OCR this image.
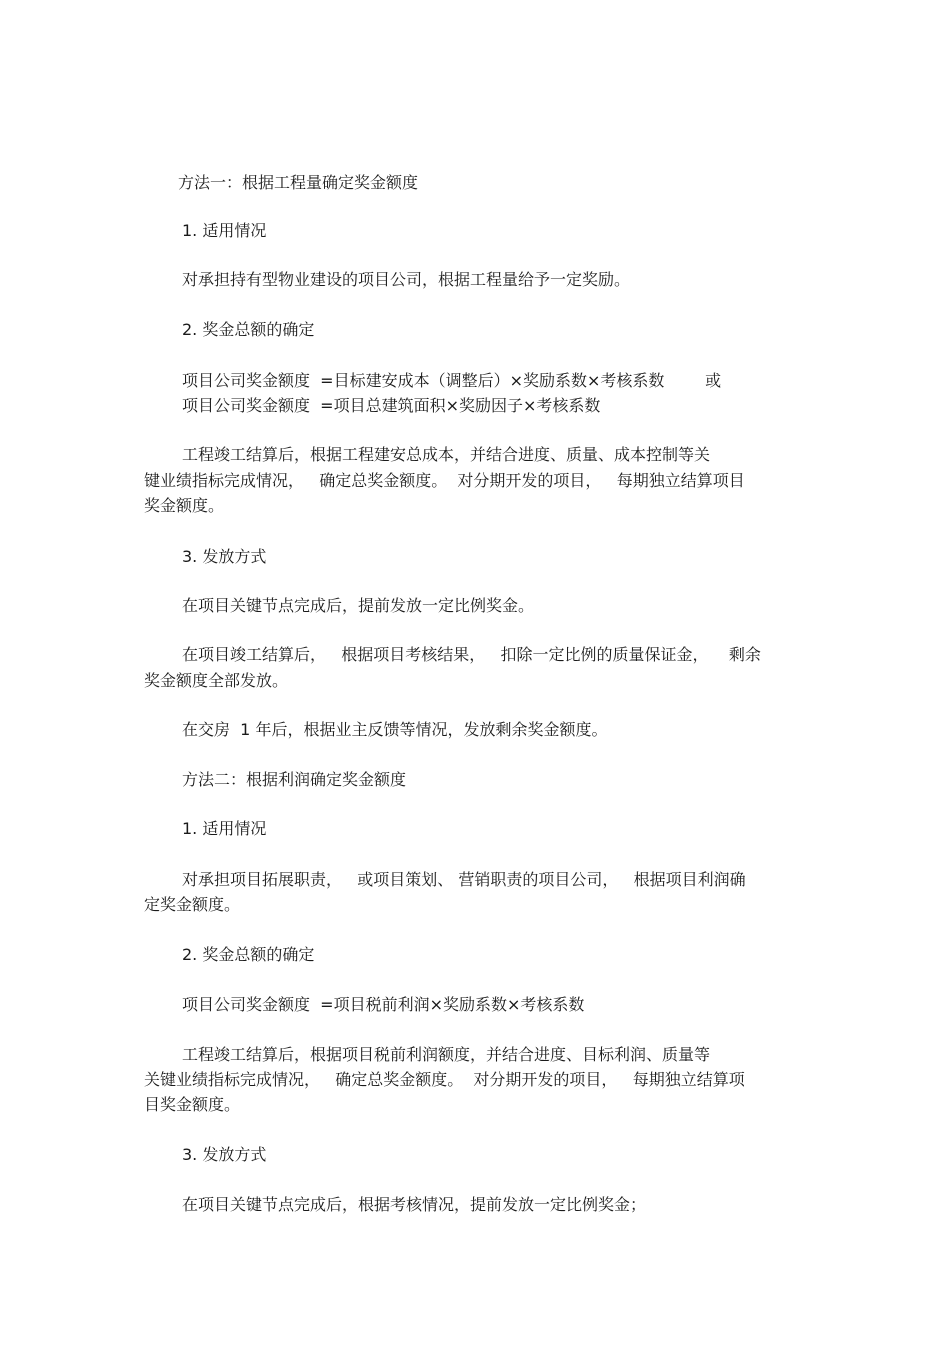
方法一：根据工程量确定奖金额度
1. 适用情况
对承担持有型物业建设的项目公司，根据工程量给予一定奖励。
2. 奖金总额的确定
项目公司奖金额度  =目标建安成本（调整后）×奖励系数×考核系数        或
项目公司奖金额度  =项目总建筑面积×奖励因子×考核系数
工程竣工结算后，根据工程建安总成本，并结合进度、质量、成本控制等关
键业绩指标完成情况，   确定总奖金额度。  对分期开发的项目，   每期独立结算项目
奖金额度。
3. 发放方式
在项目关键节点完成后，提前发放一定比例奖金。
在项目竣工结算后，   根据项目考核结果，   扣除一定比例的质量保证金，    剩余
奖金额度全部发放。
在交房  1 年后，根据业主反馈等情况，发放剩余奖金额度。
方法二：根据利润确定奖金额度
1. 适用情况
对承担项目拓展职责，   或项目策划、 营销职责的项目公司，   根据项目利润确
定奖金额度。
2. 奖金总额的确定
项目公司奖金额度  =项目税前利润×奖励系数×考核系数
工程竣工结算后，根据项目税前利润额度，并结合进度、目标利润、质量等
关键业绩指标完成情况，   确定总奖金额度。  对分期开发的项目，   每期独立结算项
目奖金额度。
3. 发放方式
在项目关键节点完成后，根据考核情况，提前发放一定比例奖金；
